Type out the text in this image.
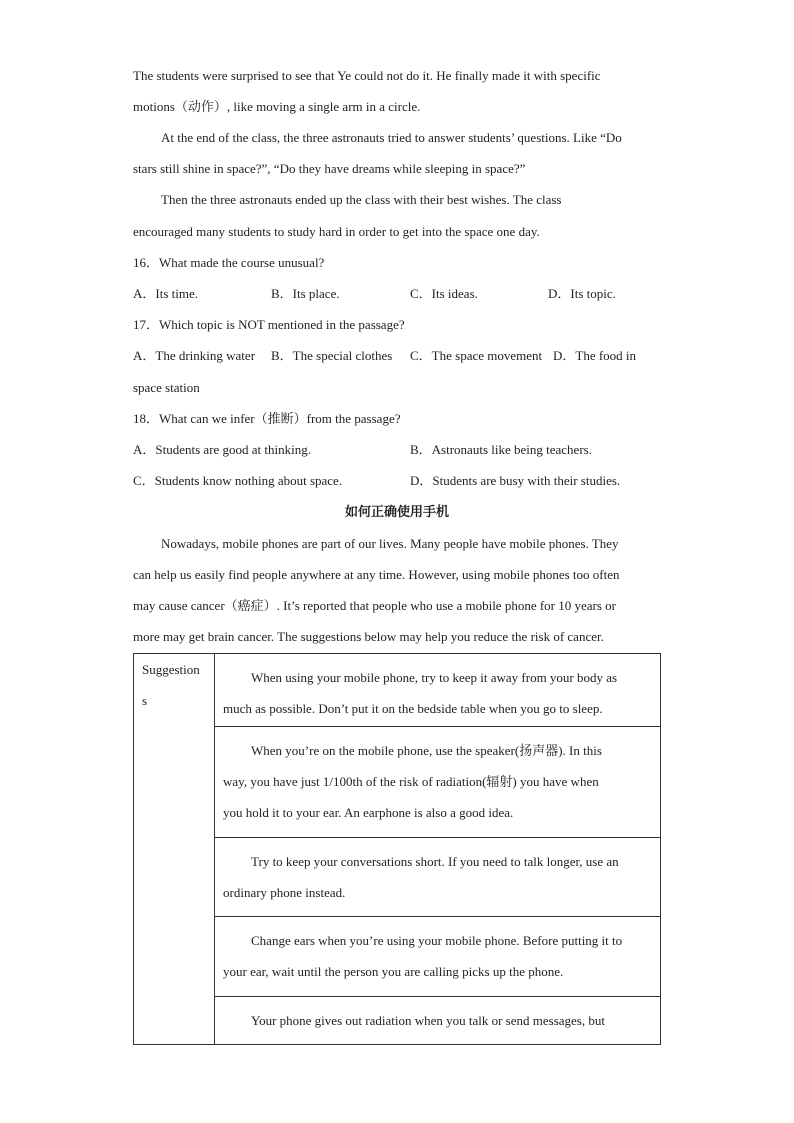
The students were surprised to see that Ye could not do it. He finally made it with specific
motions（动作）, like moving a single arm in a circle.
At the end of the class, the three astronauts tried to answer students’ questions. Like “Do
stars still shine in space?”, “Do they have dreams while sleeping in space?”
Then the three astronauts ended up the class with their best wishes. The class
encouraged many students to study hard in order to get into the space one day.
16．What made the course unusual?
A．Its time.	B．Its place.	C．Its ideas.	D．Its topic.
17．Which topic is NOT mentioned in the passage?
A．The drinking water B．The special clothes C．The space movement D．The food in
space station
18．What can we infer（推断）from the passage?
A．Students are good at thinking.	B．Astronauts like being teachers.
C．Students know nothing about space.	D．Students are busy with their studies.
如何正确使用手机
Nowadays, mobile phones are part of our lives. Many people have mobile phones. They
can help us easily find people anywhere at any time. However, using mobile phones too often
may cause cancer（癌症）. It’s reported that people who use a mobile phone for 10 years or
more may get brain cancer. The suggestions below may help you reduce the risk of cancer.
Suggestion
s

When using your mobile phone, try to keep it away from your body as
much as possible. Don’t put it on the bedside table when you go to sleep.

When you’re on the mobile phone, use the speaker(扬声器). In this
way, you have just 1/100th of the risk of radiation(辐射) you have when
you hold it to your ear. An earphone is also a good idea.

Try to keep your conversations short. If you need to talk longer, use an
ordinary phone instead.

Change ears when you’re using your mobile phone. Before putting it to
your ear, wait until the person you are calling picks up the phone.

Your phone gives out radiation when you talk or send messages, but
